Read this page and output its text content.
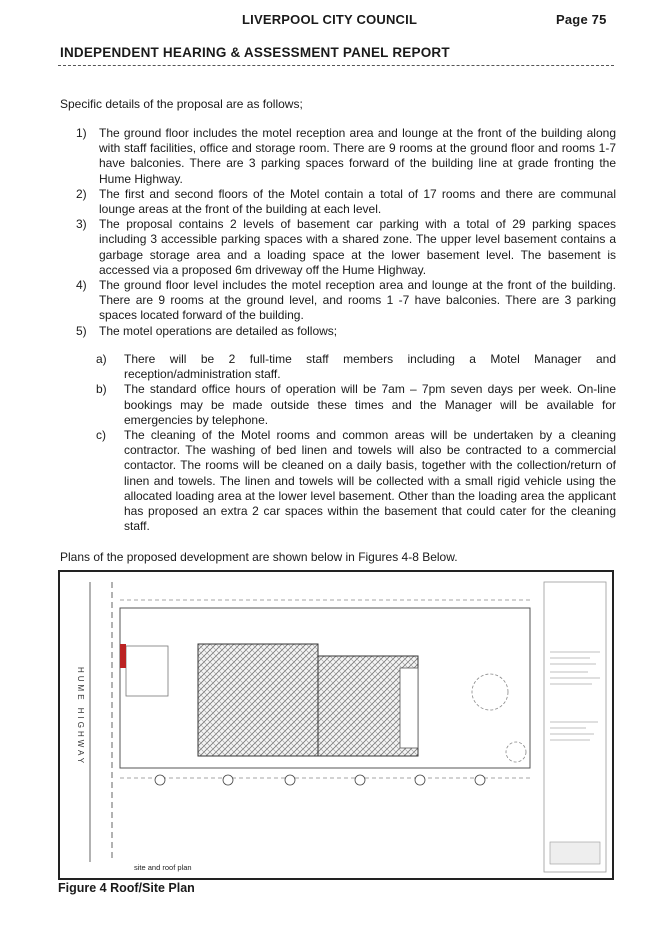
LIVERPOOL CITY COUNCIL	Page 75
INDEPENDENT HEARING & ASSESSMENT PANEL REPORT
Specific details of the proposal are as follows;
1) The ground floor includes the motel reception area and lounge at the front of the building along with staff facilities, office and storage room. There are 9 rooms at the ground floor and rooms 1-7 have balconies. There are 3 parking spaces forward of the building line at grade fronting the Hume Highway.
2) The first and second floors of the Motel contain a total of 17 rooms and there are communal lounge areas at the front of the building at each level.
3) The proposal contains 2 levels of basement car parking with a total of 29 parking spaces including 3 accessible parking spaces with a shared zone. The upper level basement contains a garbage storage area and a loading space at the lower basement level. The basement is accessed via a proposed 6m driveway off the Hume Highway.
4) The ground floor level includes the motel reception area and lounge at the front of the building. There are 9 rooms at the ground level, and rooms 1 -7 have balconies. There are 3 parking spaces located forward of the building.
5) The motel operations are detailed as follows;
a) There will be 2 full-time staff members including a Motel Manager and reception/administration staff.
b) The standard office hours of operation will be 7am – 7pm seven days per week. On-line bookings may be made outside these times and the Manager will be available for emergencies by telephone.
c) The cleaning of the Motel rooms and common areas will be undertaken by a cleaning contractor. The washing of bed linen and towels will also be contracted to a commercial contactor. The rooms will be cleaned on a daily basis, together with the collection/return of linen and towels. The linen and towels will be collected with a small rigid vehicle using the allocated loading area at the lower level basement. Other than the loading area the applicant has proposed an extra 2 car spaces within the basement that could cater for the cleaning staff.
Plans of the proposed development are shown below in Figures 4-8 Below.
HUME HIGHWAY
site and roof plan
Figure 4 Roof/Site Plan
